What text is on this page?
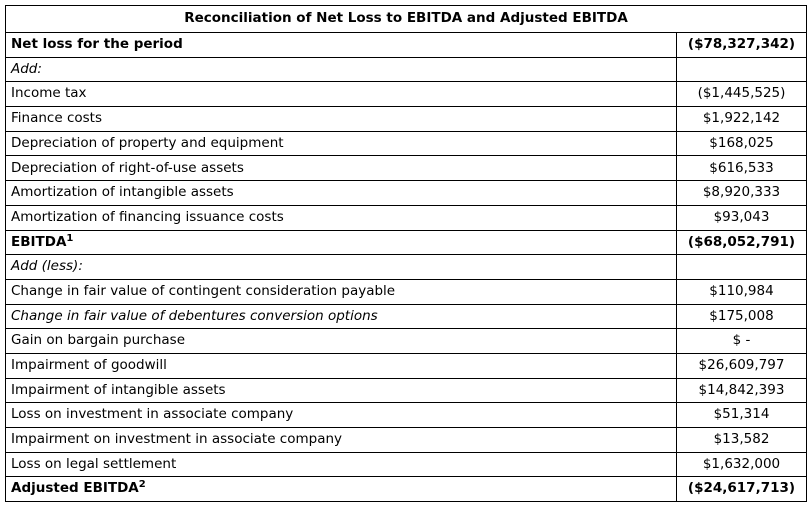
Reconciliation of Net Loss to EBITDA and Adjusted EBITDA	
Net loss for the period	($78,327,342)
Add:	
Income tax	($1,445,525)
Finance costs	$1,922,142
Depreciation of property and equipment	$168,025
Depreciation of right-of-use assets	$616,533
Amortization of intangible assets	$8,920,333
Amortization of financing issuance costs	$93,043
EBITDA$^1$	($68,052,791)
Add (less):	
Change in fair value of contingent consideration payable	$110,984
Change in fair value of debentures conversion options	$175,008
Gain on bargain purchase	$ -
Impairment of goodwill	$26,609,797
Impairment of intangible assets	$14,842,393
Loss on investment in associate company	$51,314
Impairment on investment in associate company	$13,582
Loss on legal settlement	$1,632,000
Adjusted EBITDA$^2$	($24,617,713)
